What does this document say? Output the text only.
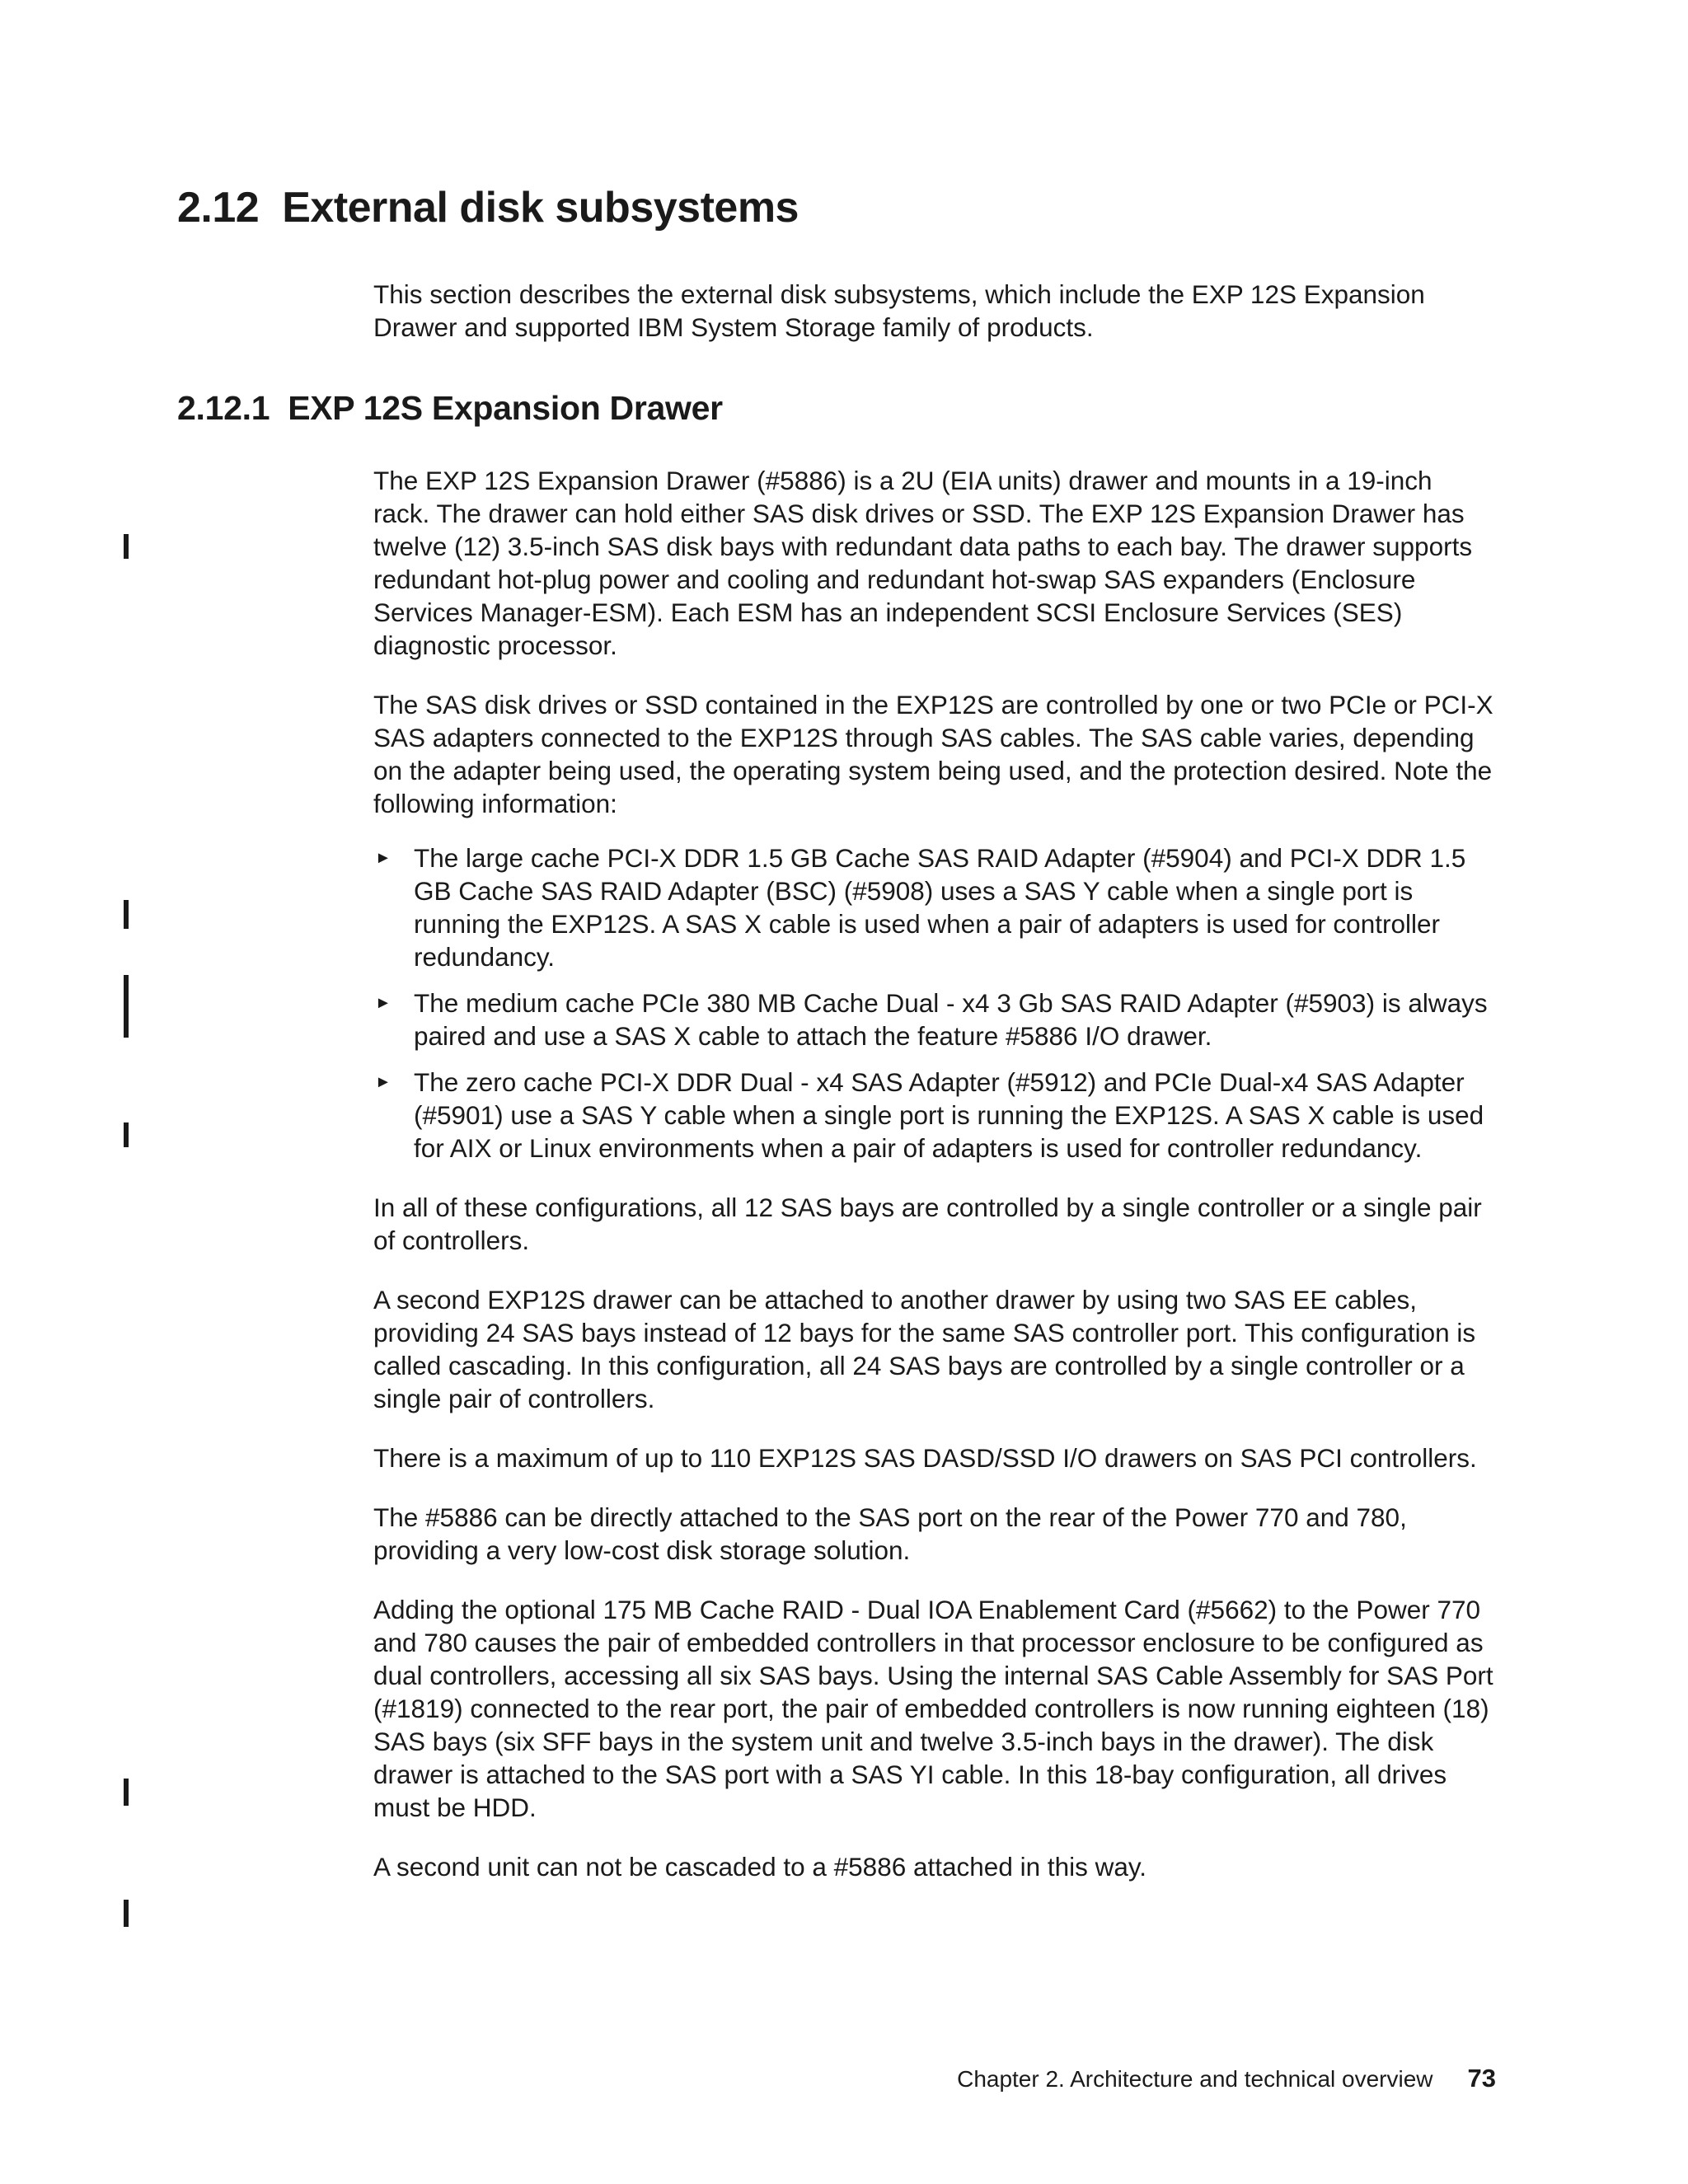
2.12 External disk subsystems

This section describes the external disk subsystems, which include the EXP 12S Expansion Drawer and supported IBM System Storage family of products.

2.12.1 EXP 12S Expansion Drawer

The EXP 12S Expansion Drawer (#5886) is a 2U (EIA units) drawer and mounts in a 19-inch rack. The drawer can hold either SAS disk drives or SSD. The EXP 12S Expansion Drawer has twelve (12) 3.5-inch SAS disk bays with redundant data paths to each bay. The drawer supports redundant hot-plug power and cooling and redundant hot-swap SAS expanders (Enclosure Services Manager-ESM). Each ESM has an independent SCSI Enclosure Services (SES) diagnostic processor.

The SAS disk drives or SSD contained in the EXP12S are controlled by one or two PCIe or PCI-X SAS adapters connected to the EXP12S through SAS cables. The SAS cable varies, depending on the adapter being used, the operating system being used, and the protection desired. Note the following information:

► The large cache PCI-X DDR 1.5 GB Cache SAS RAID Adapter (#5904) and PCI-X DDR 1.5 GB Cache SAS RAID Adapter (BSC) (#5908) uses a SAS Y cable when a single port is running the EXP12S. A SAS X cable is used when a pair of adapters is used for controller redundancy.
► The medium cache PCIe 380 MB Cache Dual - x4 3 Gb SAS RAID Adapter (#5903) is always paired and use a SAS X cable to attach the feature #5886 I/O drawer.
► The zero cache PCI-X DDR Dual - x4 SAS Adapter (#5912) and PCIe Dual-x4 SAS Adapter (#5901) use a SAS Y cable when a single port is running the EXP12S. A SAS X cable is used for AIX or Linux environments when a pair of adapters is used for controller redundancy.

In all of these configurations, all 12 SAS bays are controlled by a single controller or a single pair of controllers.

A second EXP12S drawer can be attached to another drawer by using two SAS EE cables, providing 24 SAS bays instead of 12 bays for the same SAS controller port. This configuration is called cascading. In this configuration, all 24 SAS bays are controlled by a single controller or a single pair of controllers.

There is a maximum of up to 110 EXP12S SAS DASD/SSD I/O drawers on SAS PCI controllers.

The #5886 can be directly attached to the SAS port on the rear of the Power 770 and 780, providing a very low-cost disk storage solution.

Adding the optional 175 MB Cache RAID - Dual IOA Enablement Card (#5662) to the Power 770 and 780 causes the pair of embedded controllers in that processor enclosure to be configured as dual controllers, accessing all six SAS bays. Using the internal SAS Cable Assembly for SAS Port (#1819) connected to the rear port, the pair of embedded controllers is now running eighteen (18) SAS bays (six SFF bays in the system unit and twelve 3.5-inch bays in the drawer). The disk drawer is attached to the SAS port with a SAS YI cable. In this 18-bay configuration, all drives must be HDD.

A second unit can not be cascaded to a #5886 attached in this way.

Chapter 2. Architecture and technical overview 73
